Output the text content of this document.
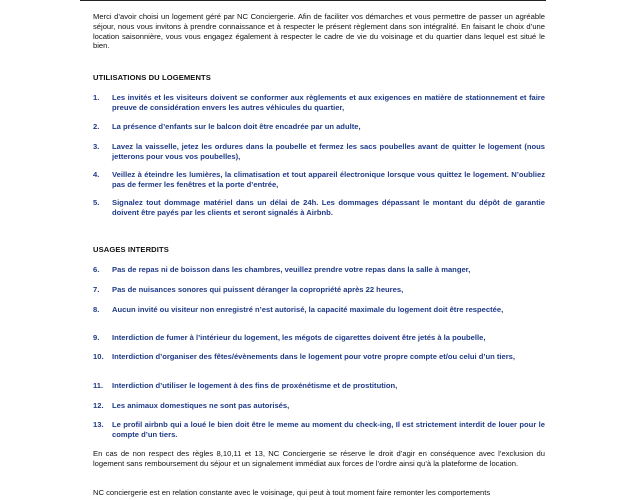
Merci d’avoir choisi un logement géré par NC Conciergerie. Afin de faciliter vos démarches et vous permettre de passer un agréable séjour, nous vous invitons à prendre connaissance et à respecter le présent règlement dans son intégralité. En faisant le choix d’une location saisonnière, vous vous engagez également à respecter le cadre de vie du voisinage et du quartier dans lequel est situé le bien.
UTILISATIONS DU LOGEMENTS
1.	Les invités et les visiteurs doivent se conformer aux règlements et aux exigences en matière de stationnement et faire preuve de considération envers les autres véhicules du quartier,
2.	La présence d’enfants sur le balcon doit être encadrée par un adulte,
3.	Lavez la vaisselle, jetez les ordures dans la poubelle et fermez les sacs poubelles avant de quitter le logement (nous jetterons pour vous vos poubelles),
4.	Veillez à éteindre les lumières, la climatisation et tout appareil électronique lorsque vous quittez le logement. N’oubliez pas de fermer les fenêtres et la porte d’entrée,
5.	Signalez tout dommage matériel dans un délai de 24h. Les dommages dépassant le montant du dépôt de garantie doivent être payés par les clients et seront signalés à Airbnb.
USAGES INTERDITS
6.	Pas de repas ni de boisson dans les chambres, veuillez prendre votre repas dans la salle à manger,
7.	Pas de nuisances sonores qui puissent déranger la copropriété après 22 heures,
8.	Aucun invité ou visiteur non enregistré n’est autorisé, la capacité maximale du logement doit être respectée,
9.	Interdiction de fumer à l’intérieur du logement, les mégots de cigarettes doivent être jetés à la poubelle,
10.	Interdiction d’organiser des fêtes/évènements dans le logement pour votre propre compte et/ou celui d’un tiers,
11.	Interdiction d’utiliser le logement à des fins de proxénétisme et de prostitution,
12.	Les animaux domestiques ne sont pas autorisés,
13.	Le profil airbnb qui a loué le bien doit être le meme au moment du check-ing, Il est strictement interdit de louer pour le compte d’un tiers.
En cas de non respect des règles 8,10,11 et 13, NC Conciergerie se réserve le droit d’agir en conséquence avec l’exclusion du logement sans remboursement du séjour et un signalement immédiat aux forces de l’ordre ainsi qu’à la plateforme de location.
NC conciergerie est en relation constante avec le voisinage, qui peut à tout moment faire remonter les comportements
